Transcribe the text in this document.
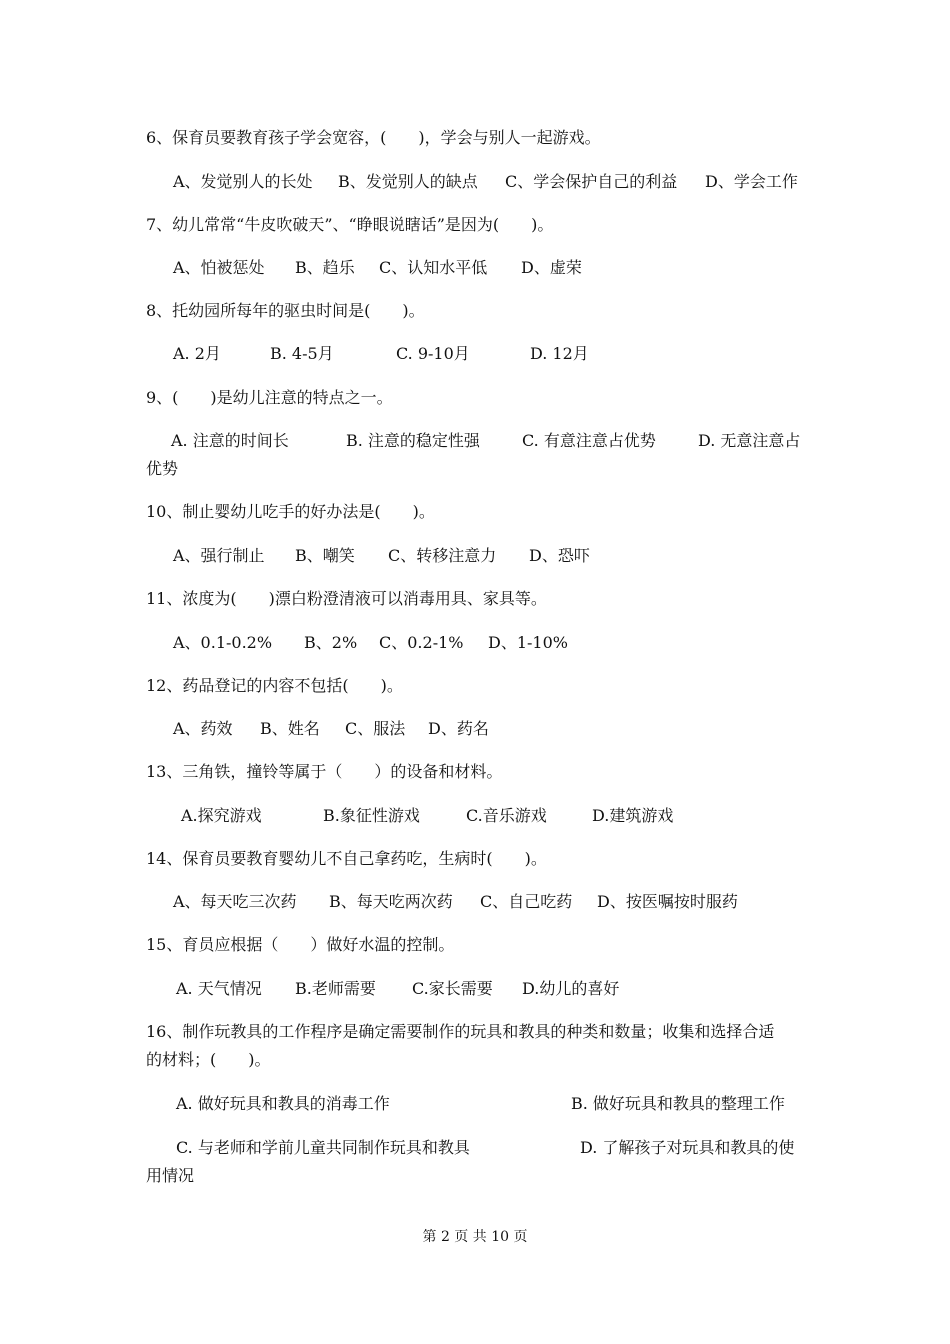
6、保育员要教育孩子学会宽容，(　　)，学会与别人一起游戏。
A、发觉别人的长处 B、发觉别人的缺点 C、学会保护自己的利益 D、学会工作
7、幼儿常常“牛皮吹破天”、“睁眼说瞎话”是因为(　　)。
A、怕被惩处 B、趋乐 C、认知水平低 D、虚荣
8、托幼园所每年的驱虫时间是(　　)。
A. 2月	B. 4-5月	C. 9-10月	D. 12月
9、(　　)是幼儿注意的特点之一。
A. 注意的时间长	B. 注意的稳定性强	C. 有意注意占优势	D. 无意注意占
优势
10、制止婴幼儿吃手的好办法是(　　)。
A、强行制止 B、嘲笑 C、转移注意力 D、恐吓
11、浓度为(　　)漂白粉澄清液可以消毒用具、家具等。
A、0.1-0.2% B、2% C、0.2-1% D、1-10%
12、药品登记的内容不包括(　　)。
A、药效 B、姓名 C、服法 D、药名
13、三角铁，撞铃等属于（　　）的设备和材料。
A.探究游戏	B.象征性游戏	C.音乐游戏	D.建筑游戏
14、保育员要教育婴幼儿不自己拿药吃，生病时(　　)。
A、每天吃三次药 B、每天吃两次药 C、自己吃药 D、按医嘱按时服药
15、育员应根据（　　）做好水温的控制。
A. 天气情况 B.老师需要 C.家长需要 D.幼儿的喜好
16、制作玩教具的工作程序是确定需要制作的玩具和教具的种类和数量；收集和选择合适
的材料；(　　)。
A. 做好玩具和教具的消毒工作	B. 做好玩具和教具的整理工作
C. 与老师和学前儿童共同制作玩具和教具	D. 了解孩子对玩具和教具的使
用情况
第 2 页 共 10 页
